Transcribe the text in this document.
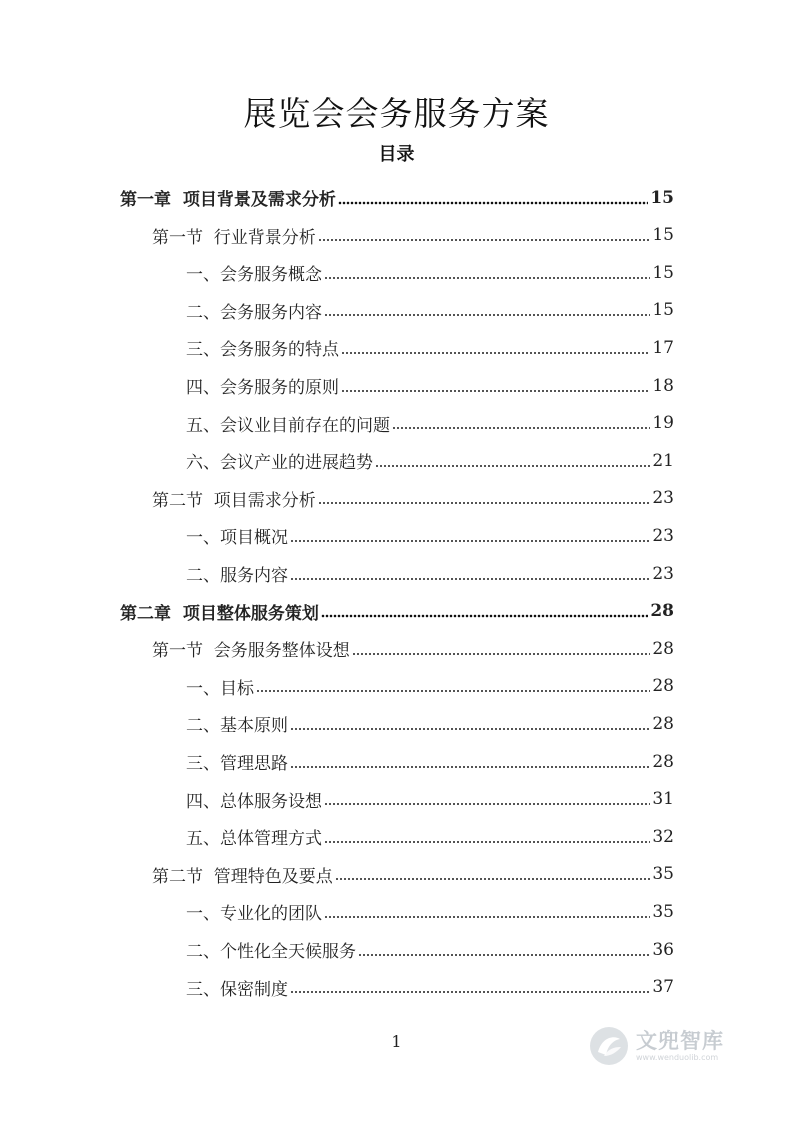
展览会会务服务方案
目录
第一章  项目背景及需求分析	15
第一节  行业背景分析	15
一、会务服务概念	15
二、会务服务内容	15
三、会务服务的特点	17
四、会务服务的原则	18
五、会议业目前存在的问题	19
六、会议产业的进展趋势	21
第二节  项目需求分析	23
一、项目概况	23
二、服务内容	23
第二章  项目整体服务策划	28
第一节  会务服务整体设想	28
一、目标	28
二、基本原则	28
三、管理思路	28
四、总体服务设想	31
五、总体管理方式	32
第二节  管理特色及要点	35
一、专业化的团队	35
二、个性化全天候服务	36
三、保密制度	37
1	文兜智库
www.wenduolib.com
